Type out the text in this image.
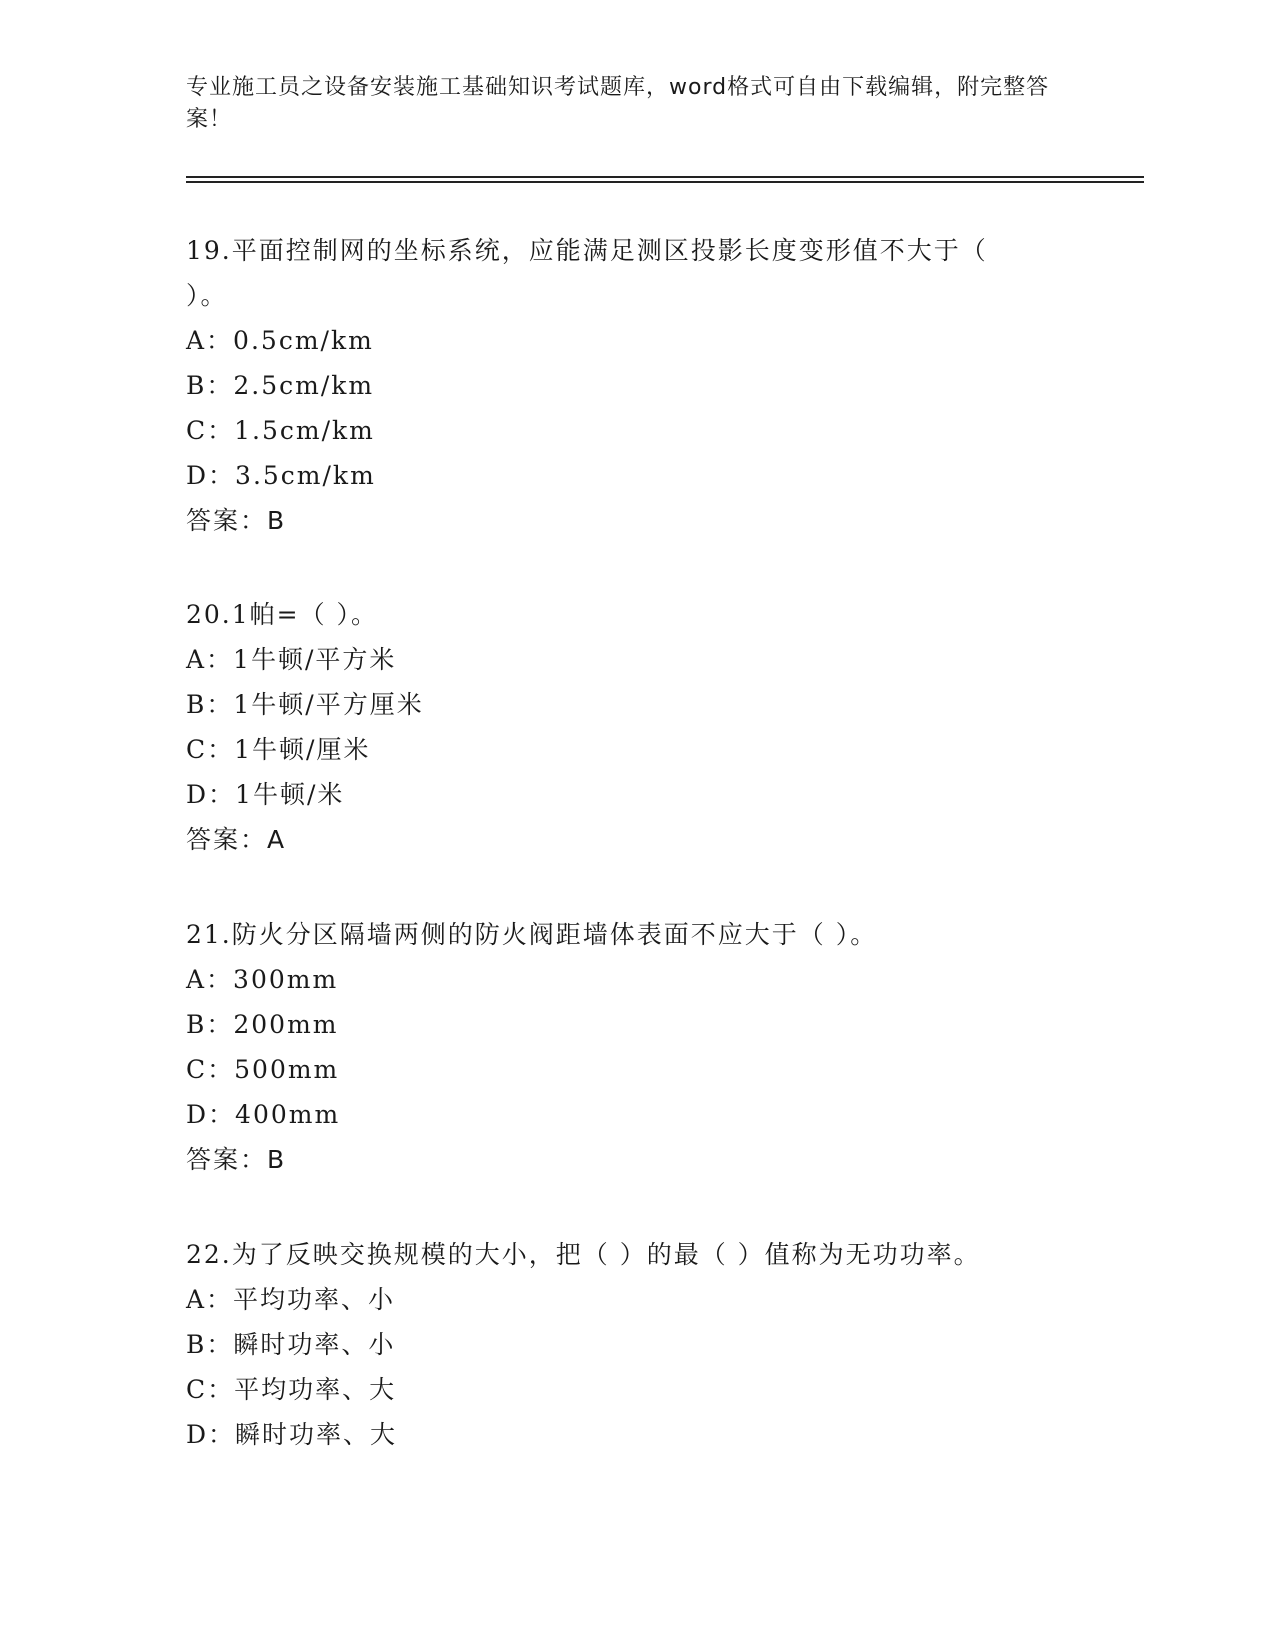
专业施工员之设备安装施工基础知识考试题库，word格式可自由下载编辑，附完整答案！

19.平面控制网的坐标系统，应能满足测区投影长度变形值不大于（ ）。

A：0.5cm/km

B：2.5cm/km

C：1.5cm/km

D：3.5cm/km

答案：B

20.1帕=（ ）。

A：1牛顿/平方米

B：1牛顿/平方厘米

C：1牛顿/厘米

D：1牛顿/米

答案：A

21.防火分区隔墙两侧的防火阀距墙体表面不应大于（ ）。

A：300mm

B：200mm

C：500mm

D：400mm

答案：B

22.为了反映交换规模的大小，把（ ）的最（ ）值称为无功功率。

A：平均功率、小

B：瞬时功率、小

C：平均功率、大

D：瞬时功率、大
